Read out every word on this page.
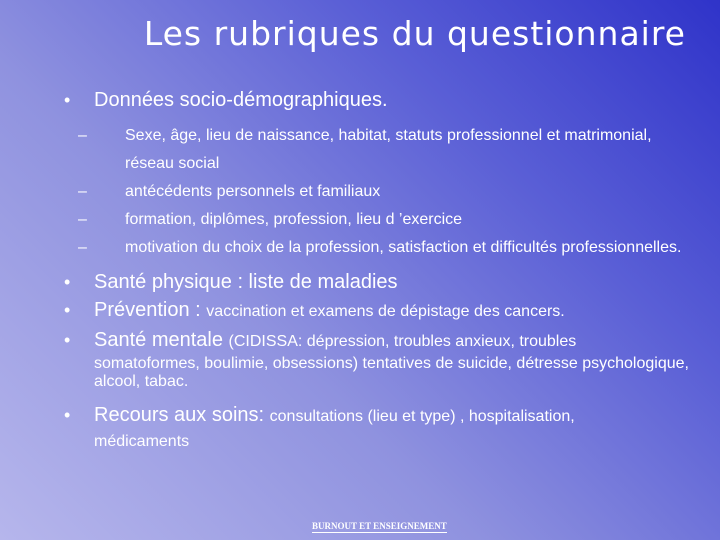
Les rubriques du questionnaire
• Données socio-démographiques.
– Sexe, âge, lieu de naissance, habitat, statuts professionnel et matrimonial, réseau social
– antécédents personnels et familiaux
– formation, diplômes, profession, lieu d ’exercice
– motivation du choix de la profession, satisfaction et difficultés professionnelles.
• Santé physique : liste de maladies
• Prévention : vaccination et examens de dépistage des cancers.
• Santé mentale (CIDISSA: dépression, troubles anxieux, troubles
somatoformes, boulimie, obsessions) tentatives de suicide, détresse psychologique, alcool, tabac.
• Recours aux soins: consultations (lieu et type) , hospitalisation,
médicaments
BURNOUT ET ENSEIGNEMENT
